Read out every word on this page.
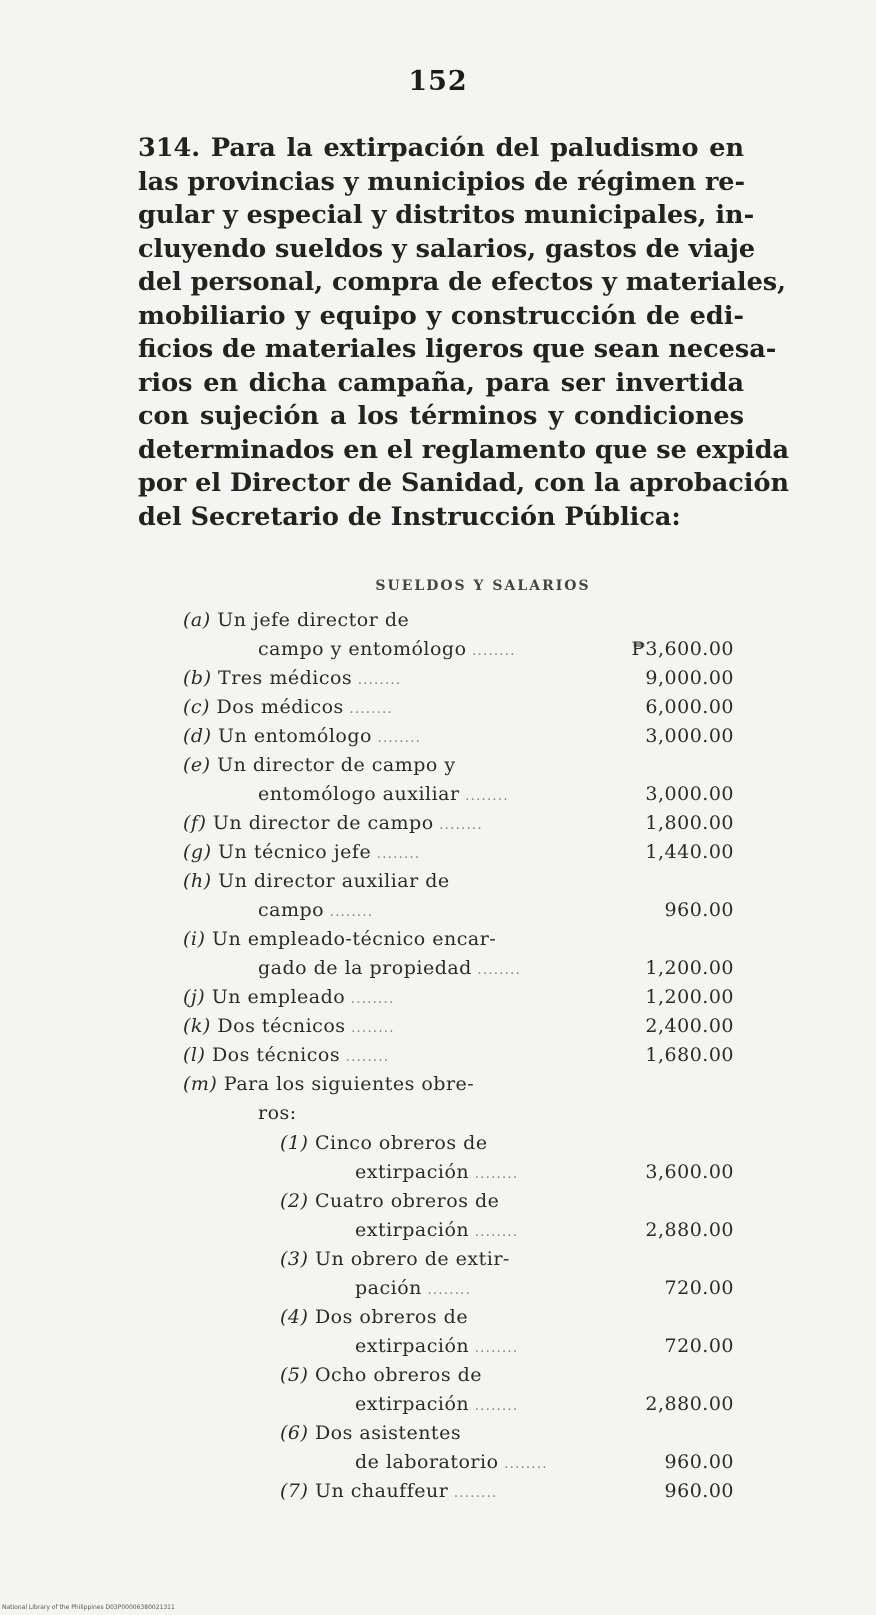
152
314. Para la extirpación del paludismo en
las provincias y municipios de régimen re-
gular y especial y distritos municipales, in-
cluyendo sueldos y salarios, gastos de viaje
del personal, compra de efectos y materiales,
mobiliario y equipo y construcción de edi-
ficios de materiales ligeros que sean necesa-
rios en dicha campaña, para ser invertida
con sujeción a los términos y condiciones
determinados en el reglamento que se expida
por el Director de Sanidad, con la aprobación
del Secretario de Instrucción Pública:
SUELDOS Y SALARIOS
(a) Un jefe director de
₱3,600.00
campo y entomólogo ........
9,000.00
(b) Tres médicos ........
6,000.00
(c) Dos médicos ........
3,000.00
(d) Un entomólogo ........
(e) Un director de campo y
3,000.00
entomólogo auxiliar ........
1,800.00
(f) Un director de campo ........
1,440.00
(g) Un técnico jefe ........
(h) Un director auxiliar de
960.00
campo ........
(i) Un empleado-técnico encar-
1,200.00
gado de la propiedad ........
1,200.00
(j) Un empleado ........
2,400.00
(k) Dos técnicos ........
1,680.00
(l) Dos técnicos ........
(m) Para los siguientes obre-
ros:
(1) Cinco obreros de
3,600.00
extirpación ........
(2) Cuatro obreros de
2,880.00
extirpación ........
(3) Un obrero de extir-
720.00
pación ........
(4) Dos obreros de
720.00
extirpación ........
(5) Ocho obreros de
2,880.00
extirpación ........
(6) Dos asistentes
960.00
de laboratorio ........
960.00
(7) Un chauffeur ........
National Library of the Philippines D03P00006380021311
